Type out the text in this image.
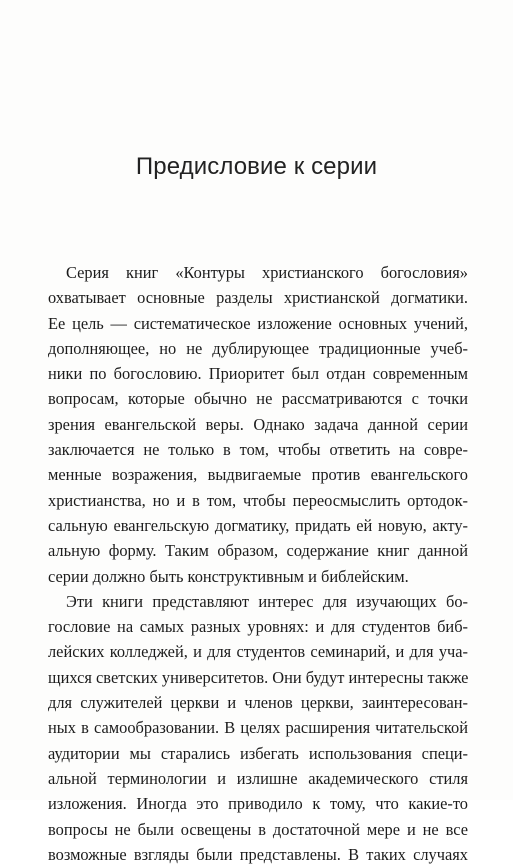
Предисловие к серии
Серия книг «Контуры христианского богословия»
охватывает основные разделы христианской догматики.
Ее цель — систематическое изложение основных учений,
дополняющее, но не дублирующее традиционные учеб-
ники по богословию. Приоритет был отдан современным
вопросам, которые обычно не рассматриваются с точки
зрения евангельской веры. Однако задача данной серии
заключается не только в том, чтобы ответить на совре-
менные возражения, выдвигаемые против евангельского
христианства, но и в том, чтобы переосмыслить ортодок-
сальную евангельскую догматику, придать ей новую, акту-
альную форму. Таким образом, содержание книг данной
серии должно быть конструктивным и библейским.
Эти книги представляют интерес для изучающих бо-
гословие на самых разных уровнях: и для студентов биб-
лейских колледжей, и для студентов семинарий, и для уча-
щихся светских университетов. Они будут интересны также
для служителей церкви и членов церкви, заинтересован-
ных в самообразовании. В целях расширения читательской
аудитории мы старались избегать использования специ-
альной терминологии и излишне академического стиля
изложения. Иногда это приводило к тому, что какие-то
вопросы не были освещены в достаточной мере и не все
возможные взгляды были представлены. В таких случаях
